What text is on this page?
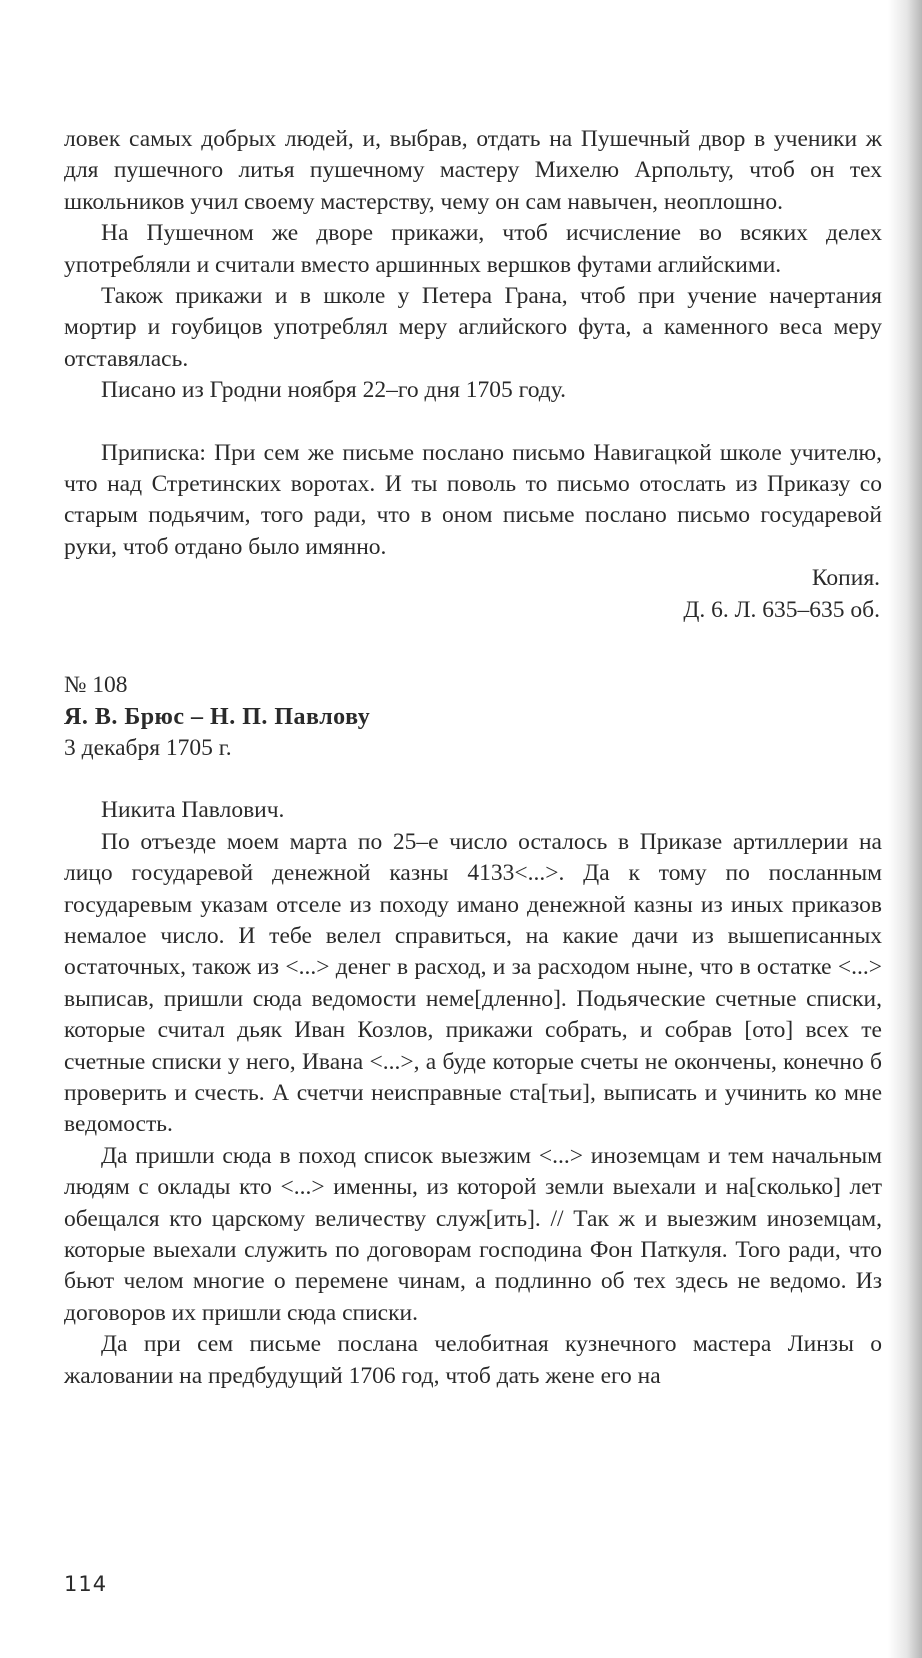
ловек самых добрых людей, и, выбрав, отдать на Пушечный двор в ученики ж для пушечного литья пушечному мастеру Михелю Арпольту, чтоб он тех школьников учил своему мастерству, чему он сам навычен, неоплошно.

На Пушечном же дворе прикажи, чтоб исчисление во всяких делех употребляли и считали вместо аршинных вершков футами аглийскими.

Також прикажи и в школе у Петера Грана, чтоб при учение начертания мортир и гоубицов употреблял меру аглийского фута, а каменного веса меру отставялась.

Писано из Гродни ноября 22–го дня 1705 году.

Приписка: При сем же письме послано письмо Навигацкой школе учителю, что над Стретинских воротах. И ты поволь то письмо отослать из Приказу со старым подьячим, того ради, что в оном письме послано письмо государевой руки, чтоб отдано было имянно.

Копия.

Д. 6. Л. 635–635 об.

№ 108

Я. В. Брюс – Н. П. Павлову

3 декабря 1705 г.

Никита Павлович.

По отъезде моем марта по 25–е число осталось в Приказе артиллерии на лицо государевой денежной казны 4133<...>. Да к тому по посланным государевым указам отселе из походу имано денежной казны из иных приказов немалое число. И тебе велел справиться, на какие дачи из вышеписанных остаточных, також из <...> денег в расход, и за расходом ныне, что в остатке <...> выписав, пришли сюда ведомости неме[дленно]. Подьяческие счетные списки, которые считал дьяк Иван Козлов, прикажи собрать, и собрав [ото] всех те счетные списки у него, Ивана <...>, а буде которые счеты не окончены, конечно б проверить и счесть. А счетчи неисправные ста[тьи], выписать и учинить ко мне ведомость.

Да пришли сюда в поход список выезжим <...> иноземцам и тем начальным людям с оклады кто <...> именны, из которой земли выехали и на[сколько] лет обещался кто царскому величеству служ[ить]. // Так ж и выезжим иноземцам, которые выехали служить по договорам господина Фон Паткуля. Того ради, что бьют челом многие о перемене чинам, а подлинно об тех здесь не ведомо. Из договоров их пришли сюда списки.

Да при сем письме послана челобитная кузнечного мастера Линзы о жаловании на предбудущий 1706 год, чтоб дать жене его на

114
